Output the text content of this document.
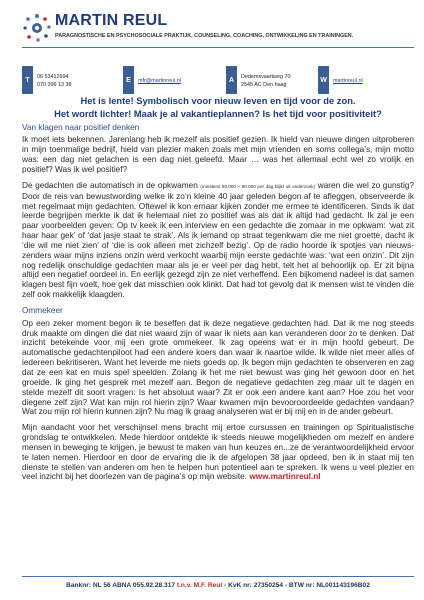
MARTIN REUL
PARAGNOSTISCHE EN PSYCHOSOCIALE PRAKTIJK, COUNSELING, COACHING, ONTWIKKELING EN TRAININGEN.
T	06 53412694
070 396 13 38
E	mfr@martinreul.nl	A	Dedemsvaartweg 70
2545 AC Den haag
W	martinreul.nl
Het is lente! Symbolisch voor nieuw leven en tijd voor de zon.
Het wordt lichter! Maak je al vakantieplannen? Is het tijd voor positiviteit?
Van klagen naar positief denken

Ik moet iets bekennen. Jarenlang heb ik mezelf als positief gezien. Ik hield van nieuwe dingen uitproberen in mijn toenmalige bedrijf, hield van plezier maken zoals met mijn vrienden en soms collega’s, mijn motto was: een dag niet gelachen is een dag niet geleefd. Maar … was het allemaal echt wel zo vrolijk en positief? Was ik wel positief?

De gedachten die automatisch in de opkwamen (minstens 50.000 – 90.000 per dag blijkt uit onderzoek) waren die wel zo gunstig? Door de reis van bewustwording welke ik zo’n kleine 40 jaar geleden begon af te afleggen, observeerde ik met regelmaat mijn gedachten. Oftewel ik kon ernaar kijken zonder me ermee te identificeren. Sinds ik dat leerde begrijpen merkte ik dat ik helemaal niet zo positief was als dat ik altijd had gedacht. Ik zal je een paar voorbeelden geven: Op tv keek ik een interview en een gedachte die zomaar in me opkwam: ‘wat zit haar haar gek’ of ‘dat jasje staat te strak’. Als ik iemand op straat tegenkwam die me niet groette, dacht ik ‘die wil me niet zien’ of ‘die is ook alleen met zichzelf bezig’. Op de radio hoorde ik spotjes van nieuws-zenders waar mijns inziens onzin werd verkocht waarbij mijn eerste gedachte was: ‘wat een onzin’. Dit zijn nog redelijk onschuldige gedachten maar als je er veel per dag hebt, telt het al behoorlijk op. Er zit bijna altijd een negatief oordeel in. En eerlijk gezegd zijn ze niet verheffend. Een bijkomend nadeel is dat samen klagen best fijn voelt, hoe gek dat misschien ook klinkt. Dat had tot gevolg dat ik mensen wist te vinden die zelf ook makkelijk klaagden.

Ommekeer

Op een zeker moment begon ik te beseffen dat ik deze negatieve gedachten had. Dat ik me nog steeds druk maakte om dingen die dat niet waard zijn of waar ik niets aan kan veranderen door zo te denken. Dat inzicht betekende voor mij een grote ommekeer. Ik zag opeens wat er in mijn hoofd gebeurt. De automatische gedachtenpiloot had een andere koers dan waar ik naartoe wilde. Ik wilde niet meer alles of iedereen bekritiseren. Want het leverde me niets goeds op. Ik begon mijn gedachten te observeren en zag dat ze een kat en muis spel speelden. Zolang ik het me niet bewust was ging het gewoon door en het groeide. Ik ging het gesprek met mezelf aan. Begon de negatieve gedachten zeg maar uit te dagen en stelde mezelf dit soort vragen: Is het absoluut waar? Zit er ook een andere kant aan? Hoe zou het voor diegene zelf zijn? Wat kan mijn rol hierin zijn? Waar kwamen mijn bevooroordeelde gedachten vandaan? Wat zou mijn rol hierin kunnen zijn? Nu mag ik graag analyseren wat er bij mij en in de ander gebeurt.

Mijn aandacht voor het verschijnsel mens bracht mij ertoe cursussen en trainingen op Spiritualistische grondslag te ontwikkelen. Mede hierdoor ontdekte ik steeds nieuwe mogelijkheden om mezelf en andere mensen in beweging te krijgen, je bewust te maken van hun keuzes en...ze de verantwoordelijkheid ervoor te laten nemen. Hierdoor en door de ervaring die ik de afgelopen 38 jaar opdeed, ben ik in staat mij ten dienste te stellen van anderen om hen te helpen hun potentieel aan te spreken. Ik wens u veel plezier en veel inzicht bij het doorlezen van de pagina’s op mijn website. www.martinreul.nl

Banknr: NL 56 ABNA 055.92.28.317 t.n.v. M.F. Reul - KvK nr: 27350254 - BTW nr: NL001143196B02
